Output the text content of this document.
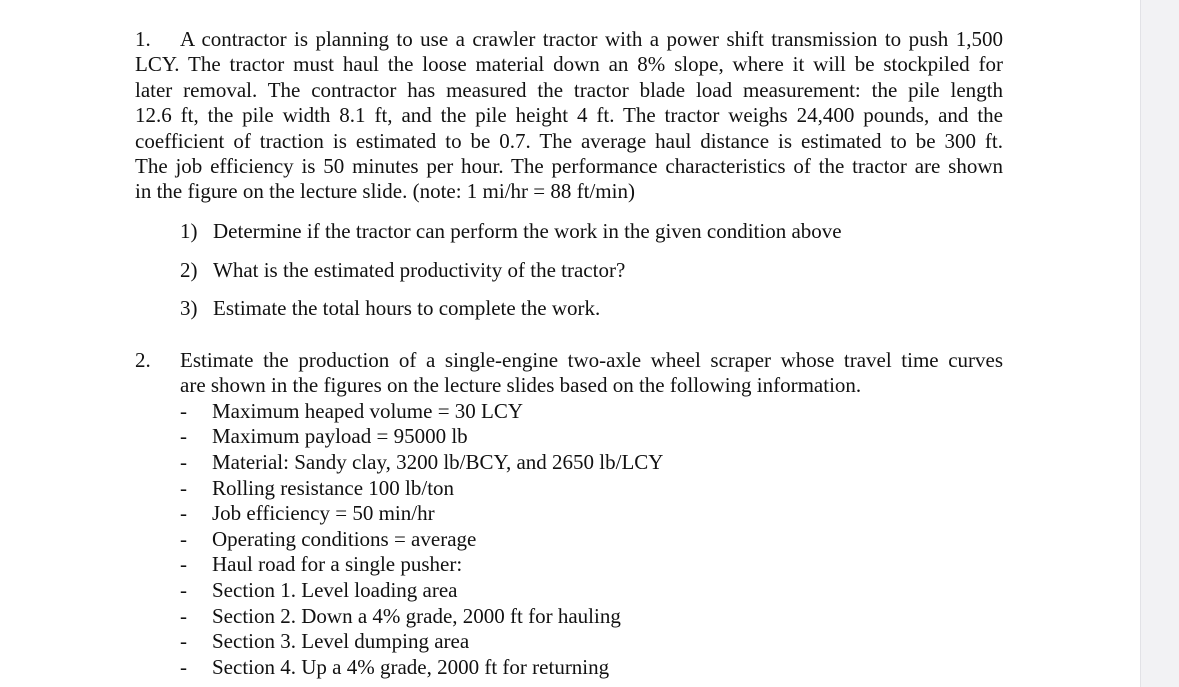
1.	A contractor is planning to use a crawler tractor with a power shift transmission to push 1,500
LCY. The tractor must haul the loose material down an 8% slope, where it will be stockpiled for
later removal. The contractor has measured the tractor blade load measurement: the pile length
12.6 ft, the pile width 8.1 ft, and the pile height 4 ft. The tractor weighs 24,400 pounds, and the
coefficient of traction is estimated to be 0.7. The average haul distance is estimated to be 300 ft.
The job efficiency is 50 minutes per hour. The performance characteristics of the tractor are shown
in the figure on the lecture slide. (note: 1 mi/hr = 88 ft/min)
1) Determine if the tractor can perform the work in the given condition above
2) What is the estimated productivity of the tractor?
3) Estimate the total hours to complete the work.
2. Estimate the production of a single-engine two-axle wheel scraper whose travel time curves
are shown in the figures on the lecture slides based on the following information.
- Maximum heaped volume = 30 LCY
- Maximum payload = 95000 lb
- Material: Sandy clay, 3200 lb/BCY, and 2650 lb/LCY
- Rolling resistance 100 lb/ton
- Job efficiency = 50 min/hr
- Operating conditions = average
- Haul road for a single pusher:
- Section 1. Level loading area
- Section 2. Down a 4% grade, 2000 ft for hauling
- Section 3. Level dumping area
- Section 4. Up a 4% grade, 2000 ft for returning
